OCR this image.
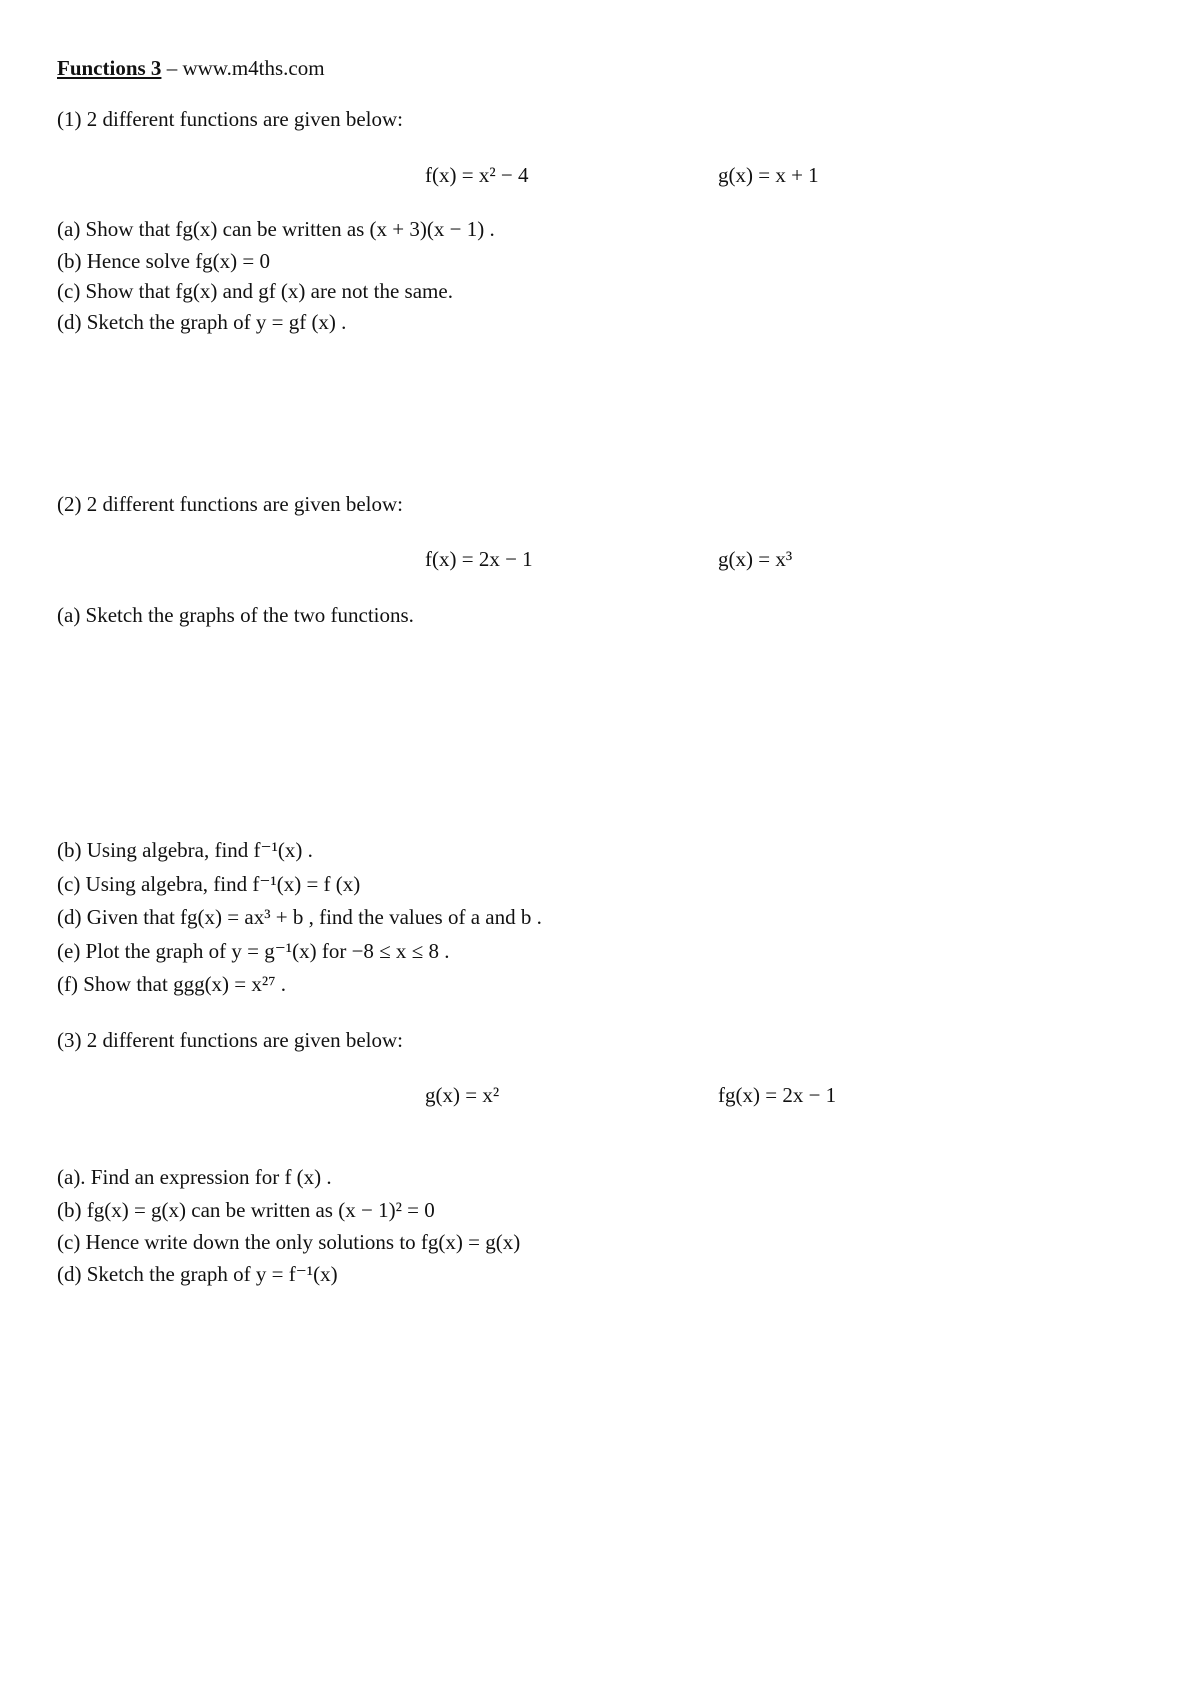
Functions 3 – www.m4ths.com
(1) 2 different functions are given below:
f(x) = x² − 4	g(x) = x + 1
(a) Show that fg(x) can be written as (x + 3)(x − 1) .
(b) Hence solve fg(x) = 0
(c) Show that fg(x) and gf (x) are not the same.
(d) Sketch the graph of y = gf (x) .
(2) 2 different functions are given below:
f(x) = 2x − 1	g(x) = x³
(a) Sketch the graphs of the two functions.
(b) Using algebra, find f⁻¹(x) .
(c) Using algebra, find f⁻¹(x) = f (x)
(d) Given that fg(x) = ax³ + b , find the values of a and b .
(e) Plot the graph of y = g⁻¹(x) for −8 ≤ x ≤ 8 .
(f) Show that ggg(x) = x²⁷ .
(3) 2 different functions are given below:
g(x) = x²	fg(x) = 2x − 1
(a). Find an expression for f (x) .
(b) fg(x) = g(x) can be written as (x − 1)² = 0
(c) Hence write down the only solutions to fg(x) = g(x)
(d) Sketch the graph of y = f⁻¹(x)
